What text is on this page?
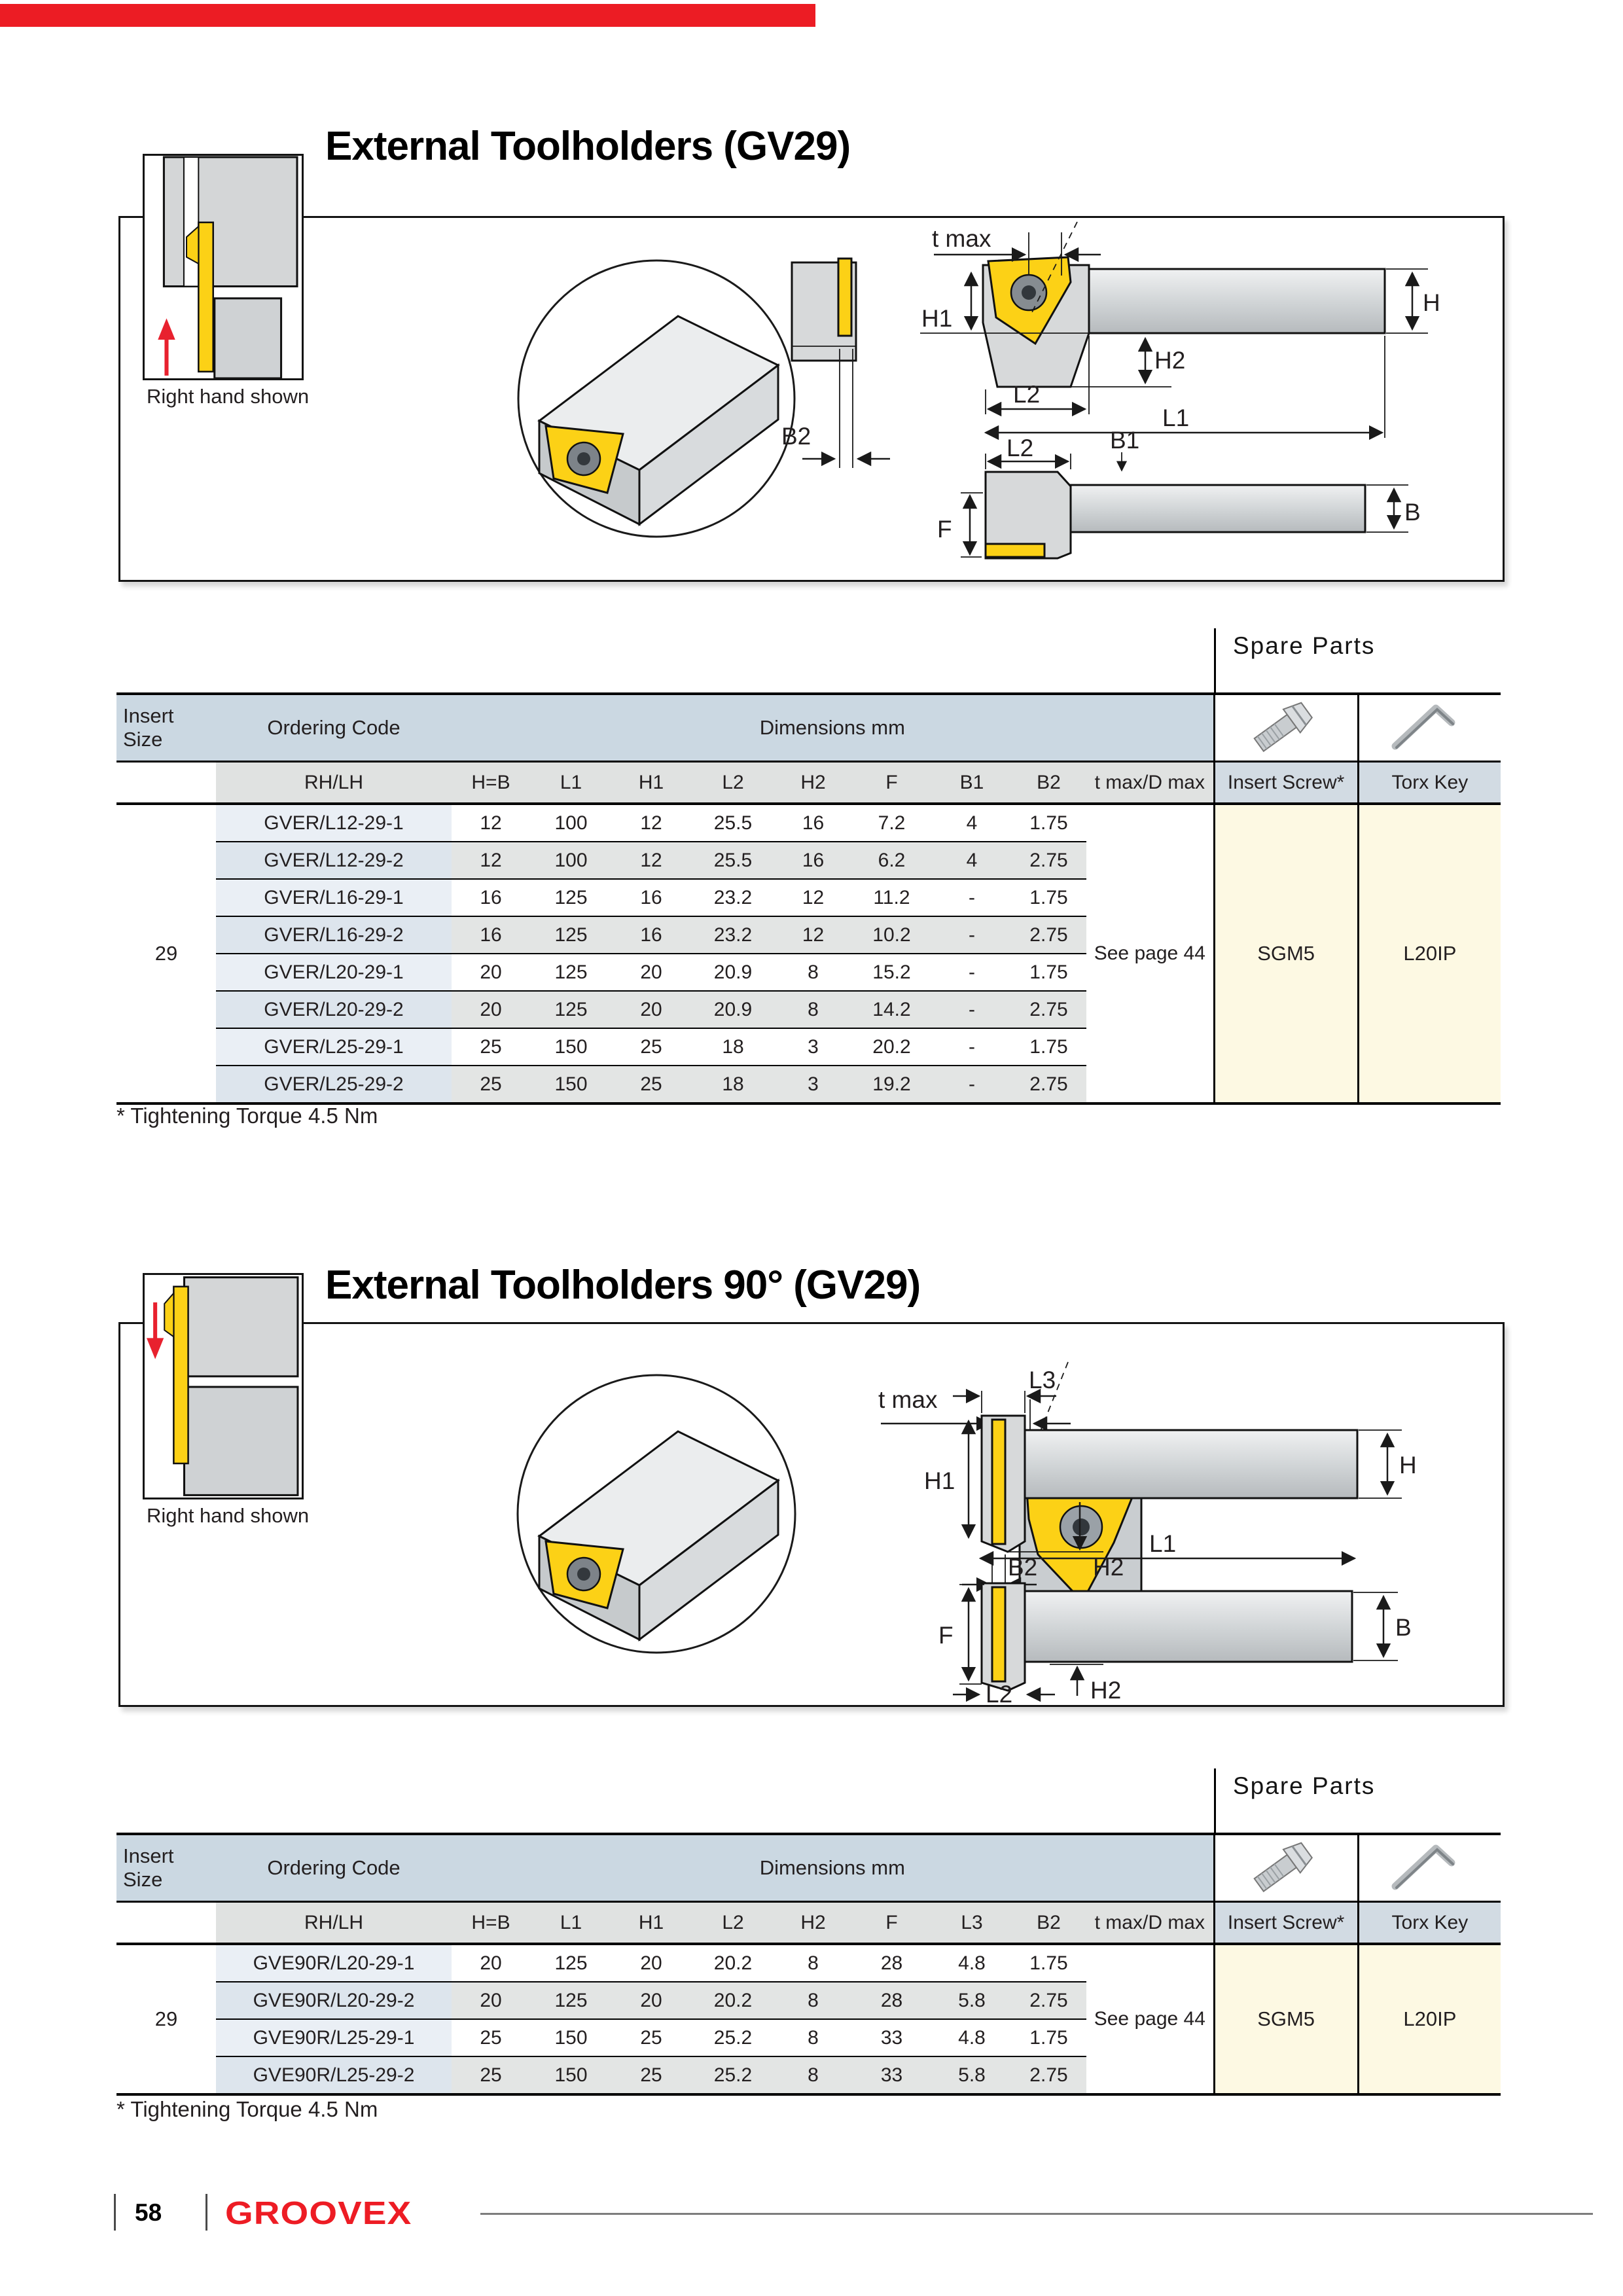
External Toolholders (GV29)
B2
t max
H
H1
H2
L2
L1
B1
L2
F
B
Right hand shown
Spare Parts
Insert Size	Ordering Code	Dimensions mm		
	RH/LH	H=B	L1	H1	L2	H2	F	B1	B2	t max/D max	Insert Screw*	Torx Key
29	GVER/L12-29-1	12	100	12	25.5	16	7.2	4	1.75	See page 44	SGM5	L20IP
	GVER/L12-29-2	12	100	12	25.5	16	6.2	4	2.75			
	GVER/L16-29-1	16	125	16	23.2	12	11.2	-	1.75			
	GVER/L16-29-2	16	125	16	23.2	12	10.2	-	2.75			
	GVER/L20-29-1	20	125	20	20.9	8	15.2	-	1.75			
	GVER/L20-29-2	20	125	20	20.9	8	14.2	-	2.75			
	GVER/L25-29-1	25	150	25	18	3	20.2	-	1.75			
	GVER/L25-29-2	25	150	25	18	3	19.2	-	2.75			
* Tightening Torque 4.5 Nm
External Toolholders 90° (GV29)
t max
L3
H1
H
L1
B2 H2
F	B
L2	H2
Right hand shown
Spare Parts
Insert Size	Ordering Code	Dimensions mm		
	RH/LH	H=B	L1	H1	L2	H2	F	L3	B2	t max/D max	Insert Screw*	Torx Key
29	GVE90R/L20-29-1	20	125	20	20.2	8	28	4.8	1.75	See page 44	SGM5	L20IP
	GVE90R/L20-29-2	20	125	20	20.2	8	28	5.8	2.75			
	GVE90R/L25-29-1	25	150	25	25.2	8	33	4.8	1.75			
	GVE90R/L25-29-2	25	150	25	25.2	8	33	5.8	2.75			
* Tightening Torque 4.5 Nm
58 GROOVEX
